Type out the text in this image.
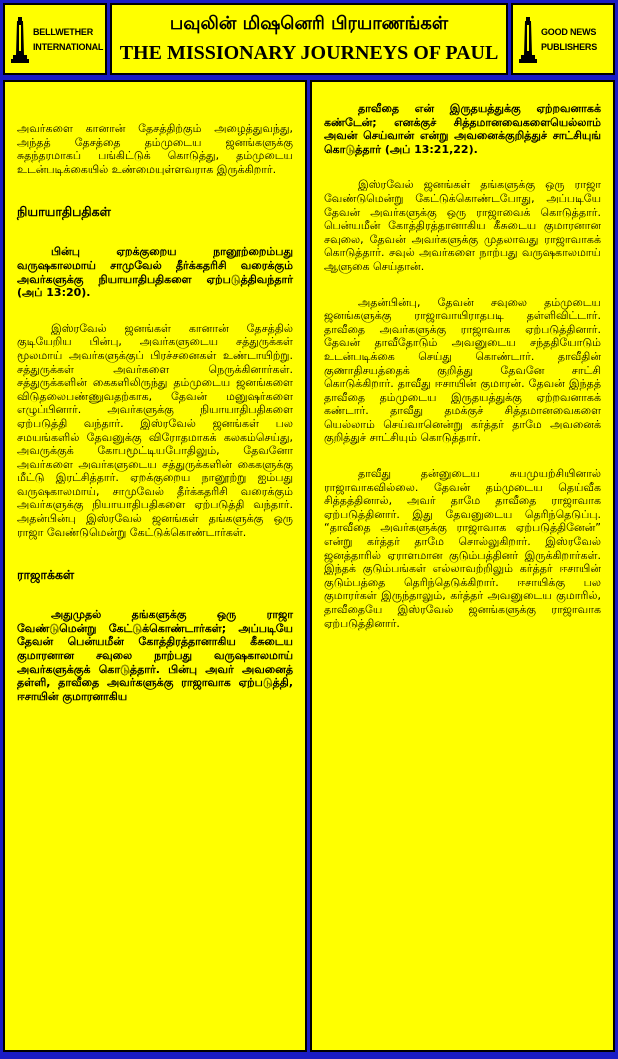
BELLWETHER
INTERNATIONAL
பவுலின் மிஷனெரி பிரயாணங்கள்
THE MISSIONARY JOURNEYS OF PAUL
GOOD NEWS
PUBLISHERS

அவர்களை கானான் தேசத்திற்கும் அழைத்துவந்து, அந்தத் தேசத்தை தம்முடைய ஜனங்களுக்கு சுதந்தரமாகப் பங்கிட்டுக் கொடுத்து, தம்முடைய உடன்படிக்கையில் உண்மையுள்ளவராக இருக்கிறார்.

நியாயாதிபதிகள்

பின்பு ஏறக்குறைய நானூற்றைம்பது வருஷகாலமாய் சாமுவேல் தீர்க்கதரிசி வரைக்கும் அவர்களுக்கு நியாயாதிபதிகளை ஏற்படுத்திவந்தார் (அப் 13:20).

இஸ்ரவேல் ஜனங்கள் கானான் தேசத்தில் குடியேறிய பின்பு, அவர்களுடைய சத்துருக்கள் மூலமாய் அவர்களுக்குப் பிரச்சனைகள் உண்டாயிற்று. சத்துருக்கள் அவர்களை நெருக்கினார்கள். சத்துருக்களின் கைகளிலிருந்து தம்முடைய ஜனங்களை விடுதலைபண்ணுவதற்காக, தேவன் மனுஷர்களை எழுப்பினார். அவர்களுக்கு நியாயாதிபதிகளை ஏற்படுத்தி வந்தார். இஸ்ரவேல் ஜனங்கள் பல சமயங்களில் தேவனுக்கு விரோதமாகக் கலகம்செய்து, அவருக்குக் கோபமூட்டியபோதிலும், தேவனோ அவர்களை அவர்களுடைய சத்துருக்களின் கைகளுக்கு மீட்டு இரட்சித்தார். ஏறக்குறைய நானூற்று ஐம்பது வருஷகாலமாய், சாமுவேல் தீர்க்கதரிசி வரைக்கும் அவர்களுக்கு நியாயாதிபதிகளை ஏற்படுத்தி வந்தார். அதன்பின்பு இஸ்ரவேல் ஜனங்கள் தங்களுக்கு ஒரு ராஜா வேண்டுமென்று கேட்டுக்கொண்டார்கள்.

ராஜாக்கள்

அதுமுதல் தங்களுக்கு ஒரு ராஜா வேண்டுமென்று கேட்டுக்கொண்டார்கள்; அப்படியே தேவன் பென்யமீன் கோத்திரத்தானாகிய கீசுடைய குமாரனான சவுலை நாற்பது வருஷகாலமாய் அவர்களுக்குக் கொடுத்தார். பின்பு அவர் அவனைத் தள்ளி, தாவீதை அவர்களுக்கு ராஜாவாக ஏற்படுத்தி, ஈசாயின் குமாரனாகிய

தாவீதை என் இருதயத்துக்கு ஏற்றவனாகக் கண்டேன்; எனக்குச் சித்தமானவைகளையெல்லாம் அவன் செய்வான் என்று அவனைக்குறித்துச் சாட்சியுங் கொடுத்தார் (அப் 13:21,22).

இஸ்ரவேல் ஜனங்கள் தங்களுக்கு ஒரு ராஜா வேண்டுமென்று கேட்டுக்கொண்டபோது, அப்படியே தேவன் அவர்களுக்கு ஒரு ராஜாவைக் கொடுத்தார். பென்யமீன் கோத்திரத்தானாகிய கீசுடைய குமாரனான சவுலை, தேவன் அவர்களுக்கு முதலாவது ராஜாவாகக் கொடுத்தார். சவுல் அவர்களை நாற்பது வருஷகாலமாய் ஆளுகை செய்தான்.

அதன்பின்பு, தேவன் சவுலை தம்முடைய ஜனங்களுக்கு ராஜாவாயிராதபடி தள்ளிவிட்டார். தாவீதை அவர்களுக்கு ராஜாவாக ஏற்படுத்தினார். தேவன் தாவீதோடும் அவனுடைய சந்ததியோடும் உடன்படிக்கை செய்து கொண்டார். தாவீதின் குணாதிசயத்தைக் குறித்து தேவனே சாட்சி கொடுக்கிறார். தாவீது ஈசாயின் குமாரன். தேவன் இந்தத் தாவீதை தம்முடைய இருதயத்துக்கு ஏற்றவனாகக் கண்டார். தாவீது தமக்குச் சித்தமானவைகளை யெல்லாம் செய்வானென்று கர்த்தர் தாமே அவனைக் குறித்துச் சாட்சியும் கொடுத்தார்.

தாவீது தன்னுடைய சுயமுயற்சியினால் ராஜாவாகவில்லை. தேவன் தம்முடைய தெய்வீக சித்தத்தினால், அவர் தாமே தாவீதை ராஜாவாக ஏற்படுத்தினார். இது தேவனுடைய தெரிந்தெடுப்பு. “தாவீதை அவர்களுக்கு ராஜாவாக ஏற்படுத்தினேன்” என்று கர்த்தர் தாமே சொல்லுகிறார். இஸ்ரவேல் ஜனத்தாரில் ஏராளமான குடும்பத்தினர் இருக்கிறார்கள். இந்தக் குடும்பங்கள் எல்லாவற்றிலும் கர்த்தர் ஈசாயின் குடும்பத்தை தெரிந்தெடுக்கிறார். ஈசாயிக்கு பல குமாரர்கள் இருந்தாலும், கர்த்தர் அவனுடைய குமாரில், தாவீதையே இஸ்ரவேல் ஜனங்களுக்கு ராஜாவாக ஏற்படுத்தினார்.
